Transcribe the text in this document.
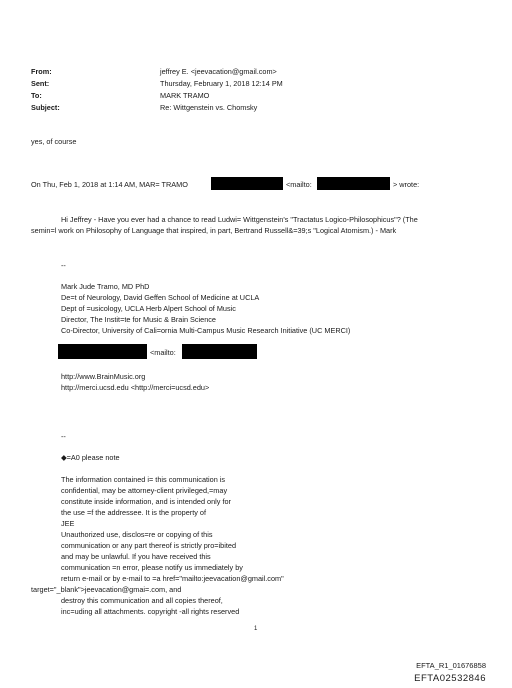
From:	jeffrey E. <jeevacation@gmail.com>
Sent:	Thursday, February 1, 2018 12:14 PM
To:	MARK TRAMO
Subject:	Re: Wittgenstein vs. Chomsky
yes, of course
On Thu, Feb 1, 2018 at 1:14 AM, MAR= TRAMO	<mailto:	> wrote:
Hi Jeffrey - Have you ever had a chance to read Ludwi= Wittgenstein's "Tractatus Logico-Philosophicus"? (The
semin=l work on Philosophy of Language that inspired, in part, Bertrand Russell&=39;s "Logical Atomism.) - Mark
--
Mark Jude Tramo, MD PhD
De=t of Neurology, David Geffen School of Medicine at UCLA
Dept of =usicology, UCLA Herb Alpert School of Music
Director, The Instit=te for Music & Brain Science
Co-Director, University of Cali=ornia Multi-Campus Music Research Initiative (UC MERCI)
<mailto:
http://www.BrainMusic.org
http://merci.ucsd.edu <http://merci=ucsd.edu>
--
◆=A0 please note
The information contained i= this communication is
confidential, may be attorney-client privileged,=may
constitute inside information, and is intended only for
the use =f the addressee. It is the property of
JEE
Unauthorized use, disclos=re or copying of this
communication or any part thereof is strictly pro=ibited
and may be unlawful. If you have received this
communication =n error, please notify us immediately by
return e-mail or by e-mail to =a href="mailto:jeevacation@gmail.com"
target="_blank">jeevacation@gmai=.com, and
destroy this communication and all copies thereof,
inc=uding all attachments. copyright -all rights reserved
1
EFTA_R1_01676858
EFTA02532846
